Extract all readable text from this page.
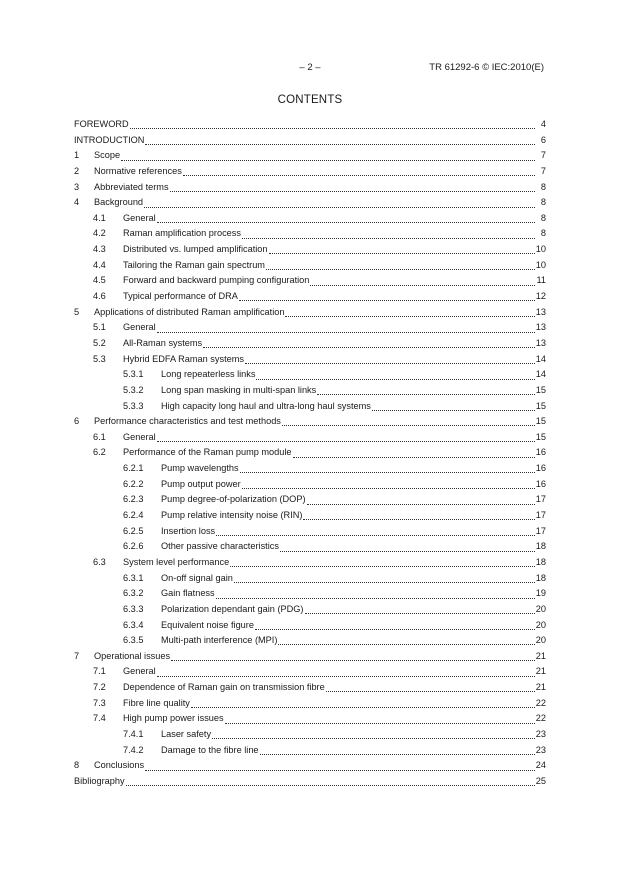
– 2 –	TR 61292-6 © IEC:2010(E)
CONTENTS
FOREWORD	4
INTRODUCTION	6
1	Scope	7
2	Normative references	7
3	Abbreviated terms	8
4	Background	8
4.1	General	8
4.2	Raman amplification process	8
4.3	Distributed vs. lumped amplification	10
4.4	Tailoring the Raman gain spectrum	10
4.5	Forward and backward pumping configuration	11
4.6	Typical performance of DRA	12
5	Applications of distributed Raman amplification	13
5.1	General	13
5.2	All-Raman systems	13
5.3	Hybrid EDFA Raman systems	14
5.3.1	Long repeaterless links	14
5.3.2	Long span masking in multi-span links	15
5.3.3	High capacity long haul and ultra-long haul systems	15
6	Performance characteristics and test methods	15
6.1	General	15
6.2	Performance of the Raman pump module	16
6.2.1	Pump wavelengths	16
6.2.2	Pump output power	16
6.2.3	Pump degree-of-polarization (DOP)	17
6.2.4	Pump relative intensity noise (RIN)	17
6.2.5	Insertion loss	17
6.2.6	Other passive characteristics	18
6.3	System level performance	18
6.3.1	On-off signal gain	18
6.3.2	Gain flatness	19
6.3.3	Polarization dependant gain (PDG)	20
6.3.4	Equivalent noise figure	20
6.3.5	Multi-path interference (MPI)	20
7	Operational issues	21
7.1	General	21
7.2	Dependence of Raman gain on transmission fibre	21
7.3	Fibre line quality	22
7.4	High pump power issues	22
7.4.1	Laser safety	23
7.4.2	Damage to the fibre line	23
8	Conclusions	24
Bibliography	25
